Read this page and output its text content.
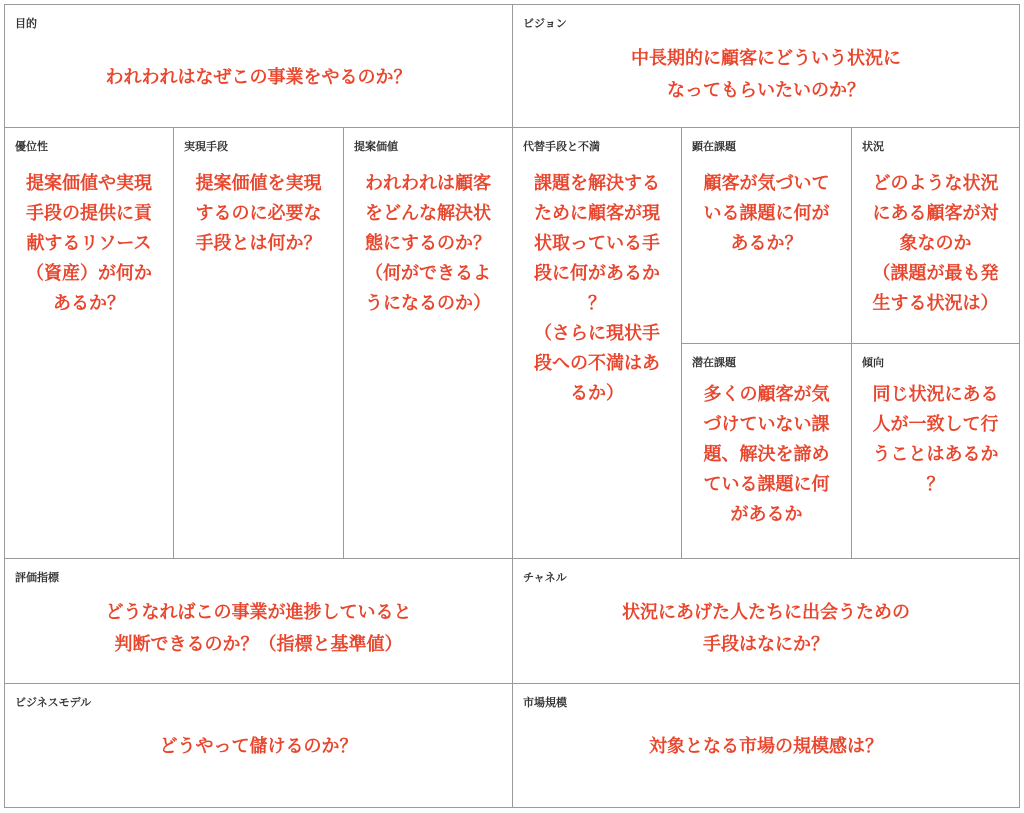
目的
われわれはなぜこの事業をやるのか？
ビジョン
中長期的に顧客にどういう状況に
なってもらいたいのか？
優位性
提案価値や実現
手段の提供に貢
献するリソース
（資産）が何か
あるか？
実現手段
提案価値を実現
するのに必要な
手段とは何か？
提案価値
われわれは顧客
をどんな解決状
態にするのか？
（何ができるよ
うになるのか）
代替手段と不満
課題を解決する
ために顧客が現
状取っている手
段に何があるか
？
（さらに現状手
段への不満はあ
るか）
顕在課題
顧客が気づいて
いる課題に何が
あるか？
状況
どのような状況
にある顧客が対
象なのか
（課題が最も発
生する状況は）
潜在課題
多くの顧客が気
づけていない課
題、解決を諦め
ている課題に何
があるか
傾向
同じ状況にある
人が一致して行
うことはあるか
？
評価指標
どうなればこの事業が進捗していると
判断できるのか？（指標と基準値）
チャネル
状況にあげた人たちに出会うための
手段はなにか？
ビジネスモデル
どうやって儲けるのか？
市場規模
対象となる市場の規模感は？
